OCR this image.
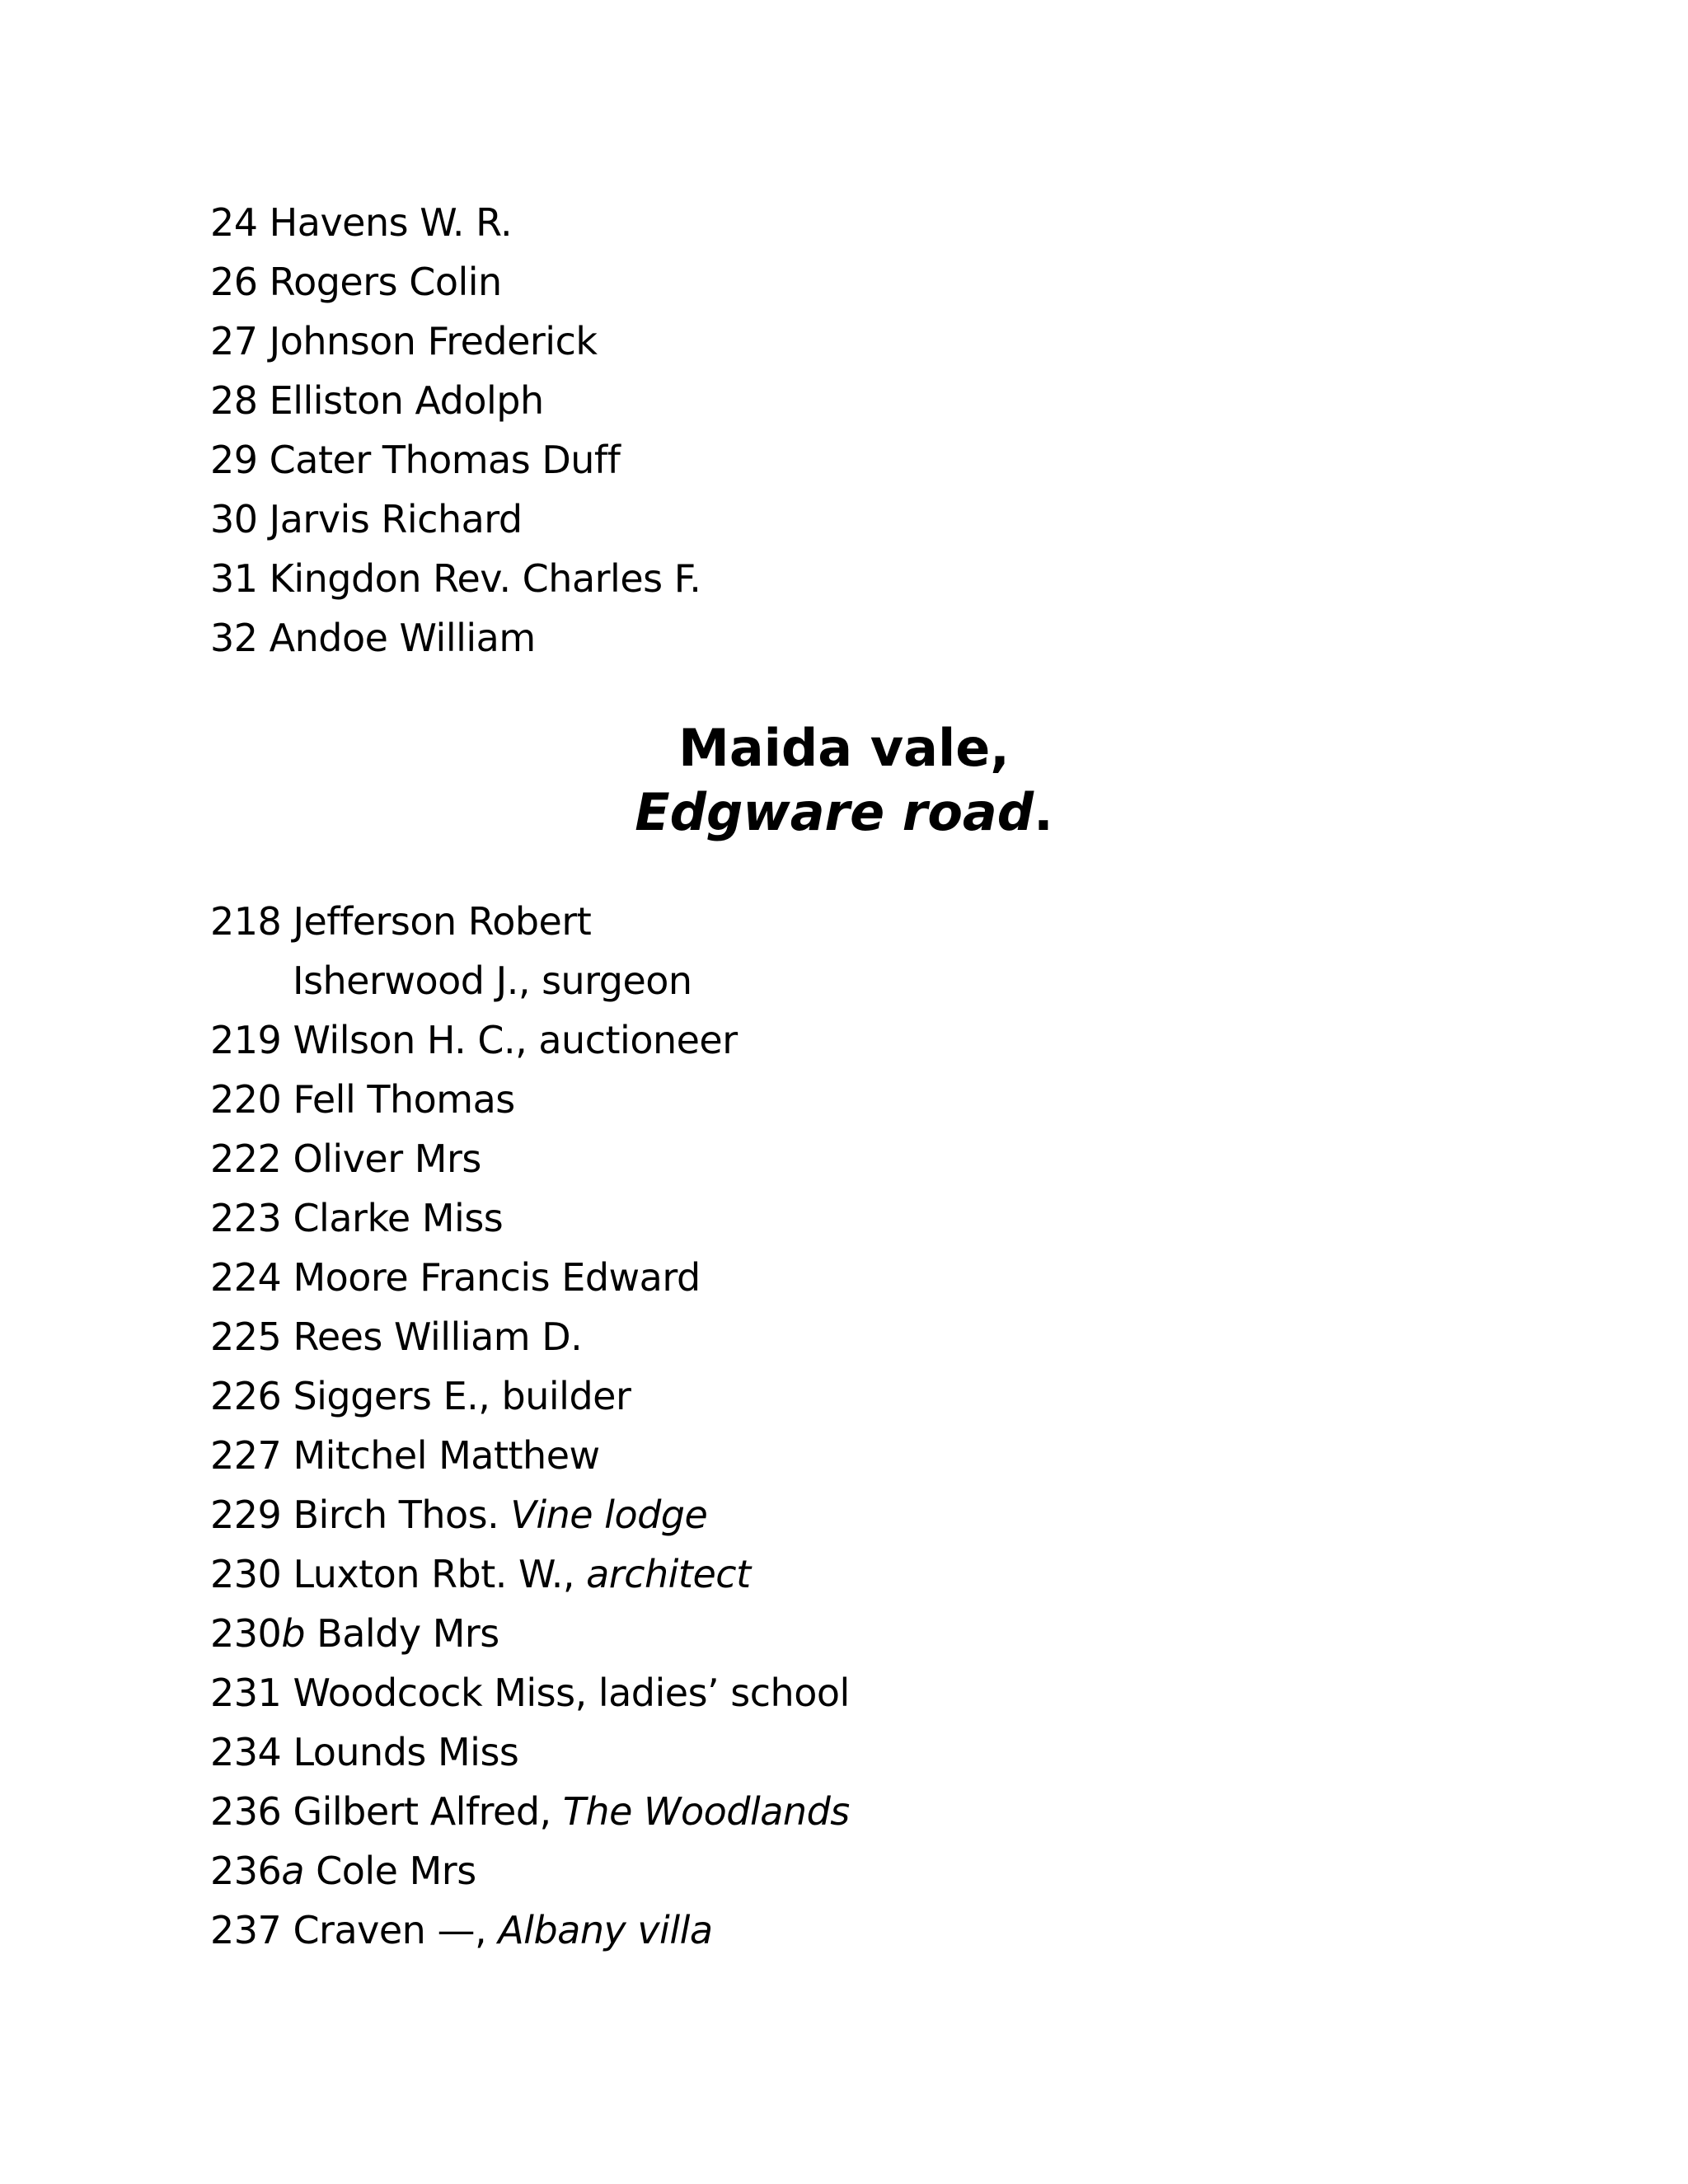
24 Havens W. R.
26 Rogers Colin
27 Johnson Frederick
28 Elliston Adolph
29 Cater Thomas Duff
30 Jarvis Richard
31 Kingdon Rev. Charles F.
32 Andoe William
Maida vale,
Edgware road.
218 Jefferson Robert
Isherwood J., surgeon
219 Wilson H. C., auctioneer
220 Fell Thomas
222 Oliver Mrs
223 Clarke Miss
224 Moore Francis Edward
225 Rees William D.
226 Siggers E., builder
227 Mitchel Matthew
229 Birch Thos. Vine lodge
230 Luxton Rbt. W., architect
230b Baldy Mrs
231 Woodcock Miss, ladies’ school
234 Lounds Miss
236 Gilbert Alfred, The Woodlands
236a Cole Mrs
237 Craven —, Albany villa
